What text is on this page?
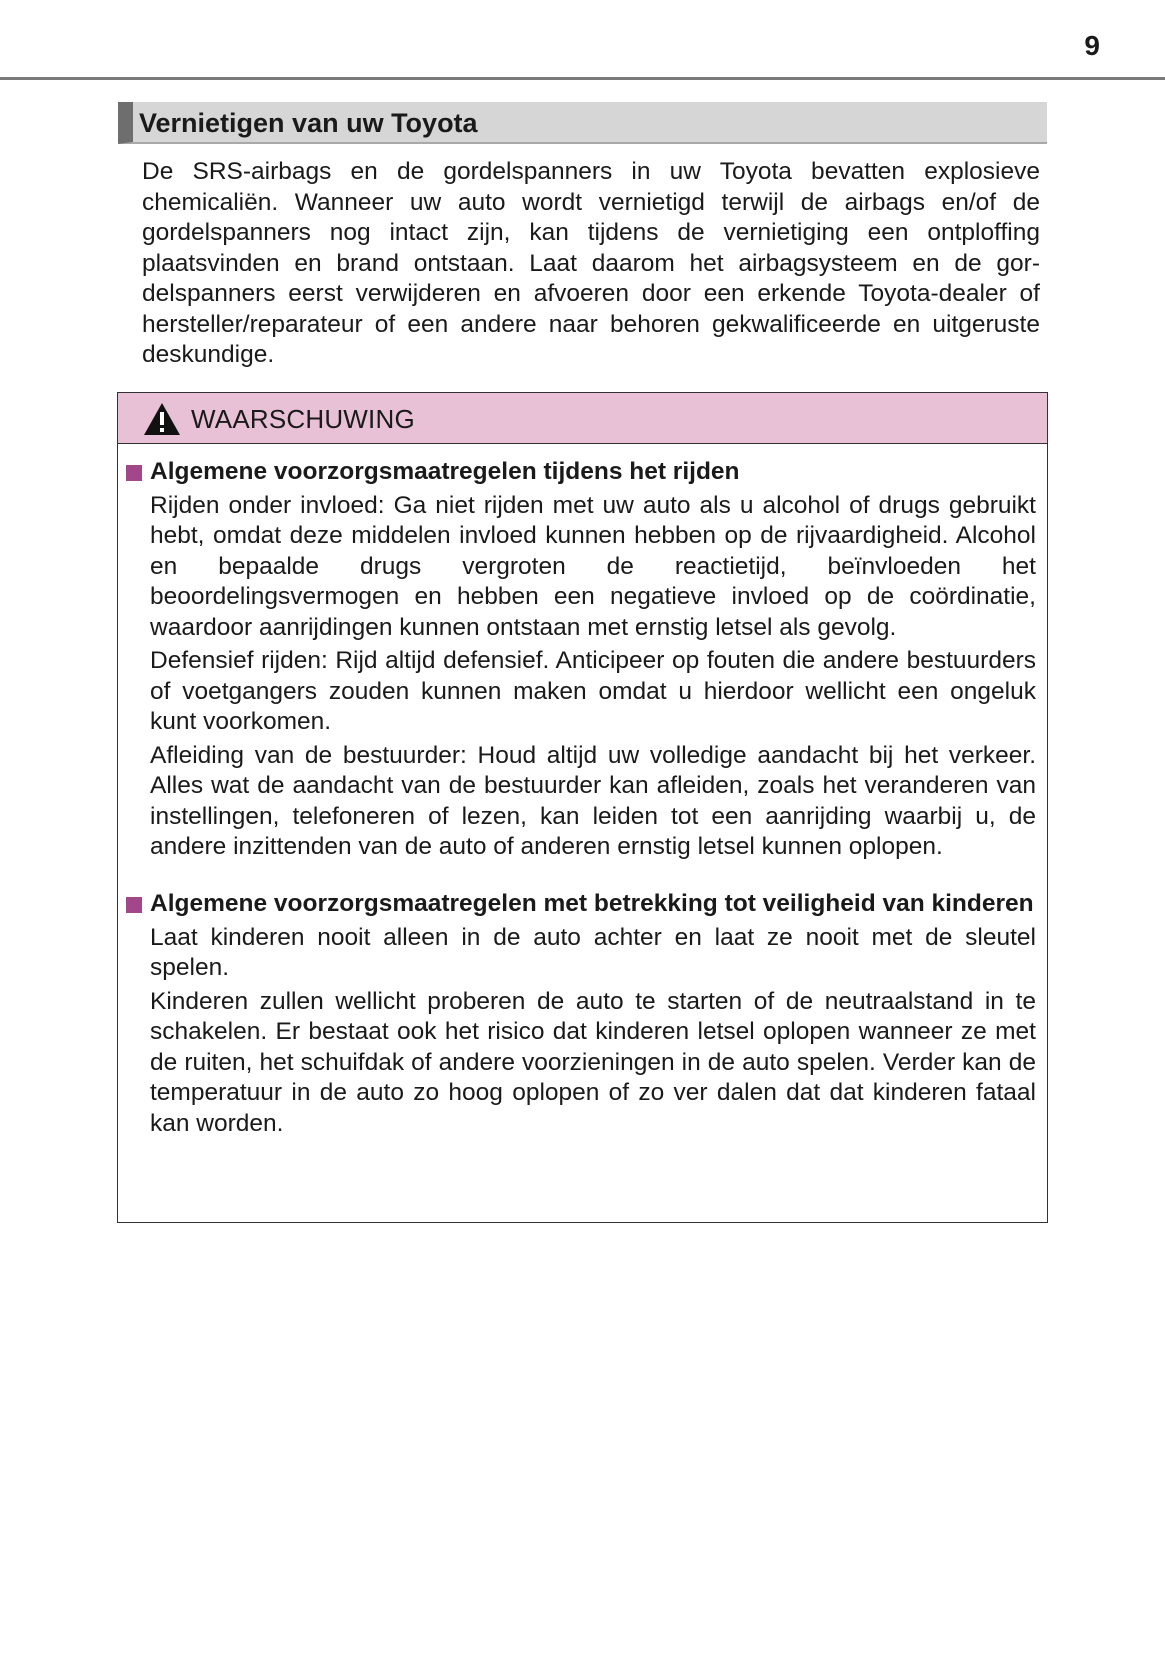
9
Vernietigen van uw Toyota

De SRS-airbags en de gordelspanners in uw Toyota bevatten explosieve chemicaliën. Wanneer uw auto wordt vernietigd terwijl de airbags en/of de gordelspanners nog intact zijn, kan tijdens de vernietiging een ontploffing plaatsvinden en brand ontstaan. Laat daarom het airbagsysteem en de gordelspanners eerst verwijderen en afvoeren door een erkende Toyota-dealer of hersteller/reparateur of een andere naar behoren gekwalificeerde en uitgeruste deskundige.

WAARSCHUWING

Algemene voorzorgsmaatregelen tijdens het rijden

Rijden onder invloed: Ga niet rijden met uw auto als u alcohol of drugs gebruikt hebt, omdat deze middelen invloed kunnen hebben op de rijvaardigheid. Alcohol en bepaalde drugs vergroten de reactietijd, beïnvloeden het beoordelingsvermogen en hebben een negatieve invloed op de coördinatie, waardoor aanrijdingen kunnen ontstaan met ernstig letsel als gevolg.

Defensief rijden: Rijd altijd defensief. Anticipeer op fouten die andere bestuurders of voetgangers zouden kunnen maken omdat u hierdoor wellicht een ongeluk kunt voorkomen.

Afleiding van de bestuurder: Houd altijd uw volledige aandacht bij het verkeer. Alles wat de aandacht van de bestuurder kan afleiden, zoals het veranderen van instellingen, telefoneren of lezen, kan leiden tot een aanrijding waarbij u, de andere inzittenden van de auto of anderen ernstig letsel kunnen oplopen.

Algemene voorzorgsmaatregelen met betrekking tot veiligheid van kinderen

Laat kinderen nooit alleen in de auto achter en laat ze nooit met de sleutel spelen.

Kinderen zullen wellicht proberen de auto te starten of de neutraalstand in te schakelen. Er bestaat ook het risico dat kinderen letsel oplopen wanneer ze met de ruiten, het schuifdak of andere voorzieningen in de auto spelen. Verder kan de temperatuur in de auto zo hoog oplopen of zo ver dalen dat dat kinderen fataal kan worden.
